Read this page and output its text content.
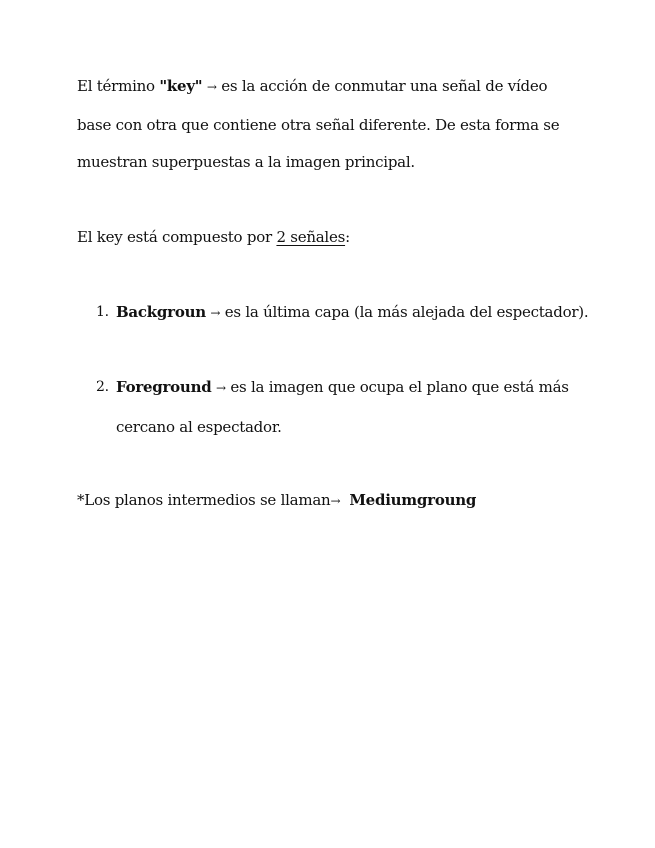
El término "key" → es la acción de conmutar una señal de vídeo
base con otra que contiene otra señal diferente. De esta forma se
muestran superpuestas a la imagen principal.
El key está compuesto por 2 señales:
1. Backgroun → es la última capa (la más alejada del espectador).
2. Foreground → es la imagen que ocupa el plano que está más
cercano al espectador.
*Los planos intermedios se llaman→ Mediumgroung
